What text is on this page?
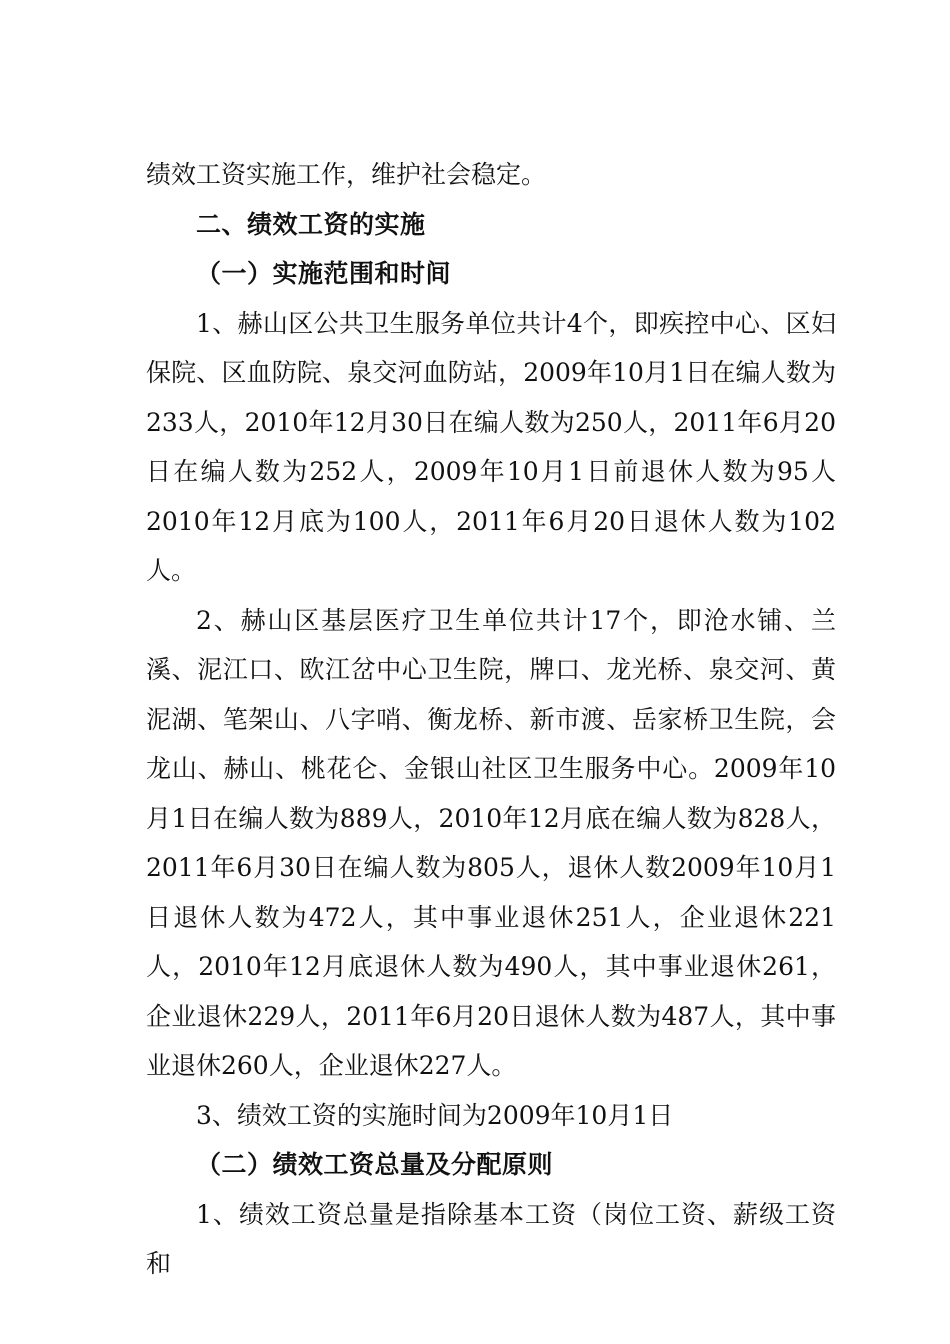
绩效工资实施工作，维护社会稳定。

二、绩效工资的实施

（一）实施范围和时间

1、赫山区公共卫生服务单位共计4个，即疾控中心、区妇保院、区血防院、泉交河血防站，2009年10月1日在编人数为233人，2010年12月30日在编人数为250人，2011年6月20日在编人数为252人，2009年10月1日前退休人数为95人2010年12月底为100人，2011年6月20日退休人数为102人。

2、赫山区基层医疗卫生单位共计17个，即沧水铺、兰溪、泥江口、欧江岔中心卫生院，牌口、龙光桥、泉交河、黄泥湖、笔架山、八字哨、衡龙桥、新市渡、岳家桥卫生院，会龙山、赫山、桃花仑、金银山社区卫生服务中心。2009年10月1日在编人数为889人，2010年12月底在编人数为828人，2011年6月30日在编人数为805人，退休人数2009年10月1日退休人数为472人，其中事业退休251人，企业退休221人，2010年12月底退休人数为490人，其中事业退休261，企业退休229人，2011年6月20日退休人数为487人，其中事业退休260人，企业退休227人。

3、绩效工资的实施时间为2009年10月1日

（二）绩效工资总量及分配原则

1、绩效工资总量是指除基本工资（岗位工资、薪级工资和
